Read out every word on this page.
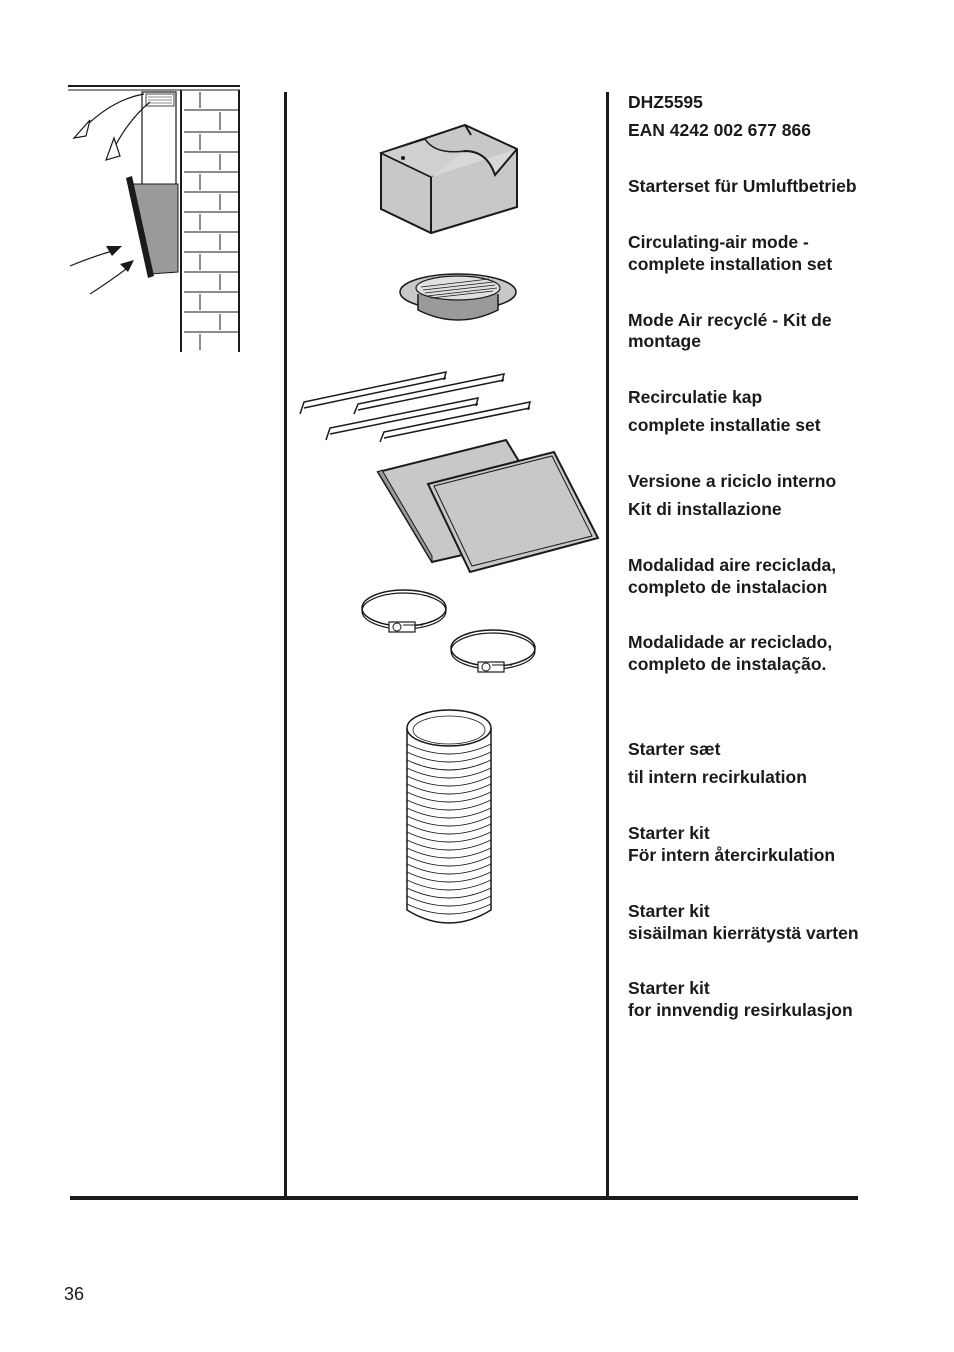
DHZ5595
EAN 4242 002 677 866
Starterset für Umluftbetrieb
Circulating-air mode -
complete installation set
Mode Air recyclé - Kit de
montage
Recirculatie kap
complete installatie set
Versione a riciclo interno
Kit di installazione
Modalidad aire reciclada,
completo de instalacion
Modalidade ar reciclado,
completo de instalação.
Starter sæt
til intern recirkulation
Starter kit
För intern återcirkulation
Starter kit
sisäilman kierrätystä varten
Starter kit
for innvendig resirkulasjon
36
